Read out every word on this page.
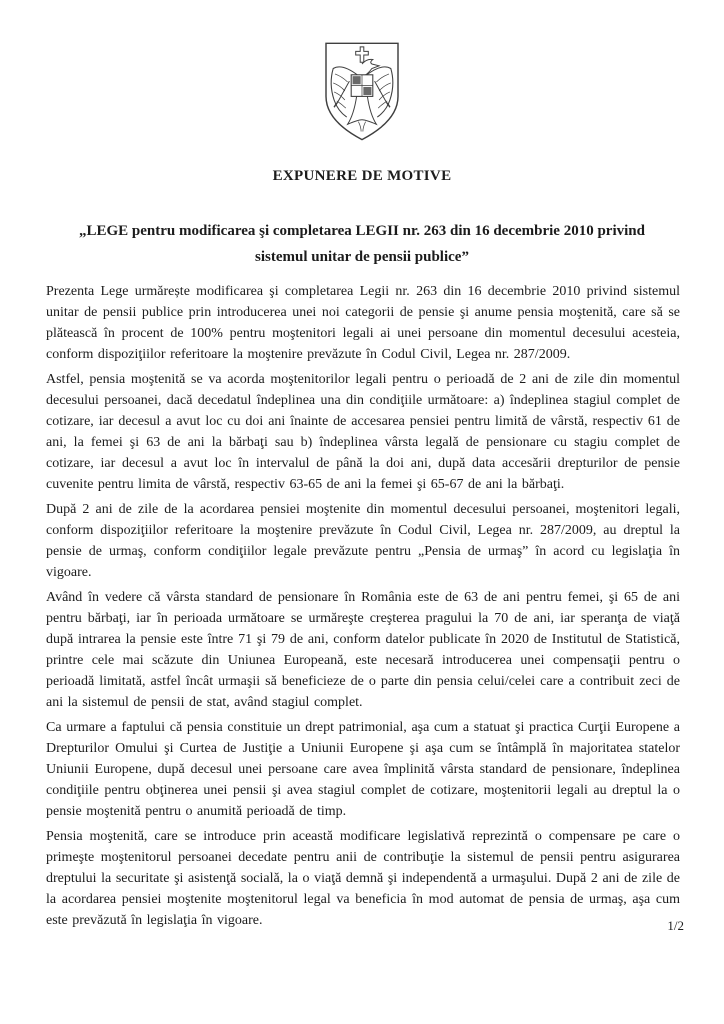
EXPUNERE DE MOTIVE
„LEGE pentru modificarea şi completarea LEGII nr. 263 din 16 decembrie 2010 privind sistemul unitar de pensii publice”

Prezenta Lege urmărește modificarea şi completarea Legii nr. 263 din 16 decembrie 2010 privind sistemul unitar de pensii publice prin introducerea unei noi categorii de pensie şi anume pensia moştenită, care să se plătească în procent de 100% pentru moştenitori legali ai unei persoane din momentul decesului acesteia, conform dispoziţiilor referitoare la moştenire prevăzute în Codul Civil, Legea nr. 287/2009.

Astfel, pensia moştenită se va acorda moştenitorilor legali pentru o perioadă de 2 ani de zile din momentul decesului persoanei, dacă decedatul îndeplinea una din condiţiile următoare: a) îndeplinea stagiul complet de cotizare, iar decesul a avut loc cu doi ani înainte de accesarea pensiei pentru limită de vârstă, respectiv 61 de ani, la femei şi 63 de ani la bărbaţi sau b) îndeplinea vârsta legală de pensionare cu stagiu complet de cotizare, iar decesul a avut loc în intervalul de până la doi ani, după data accesării drepturilor de pensie cuvenite pentru limita de vârstă, respectiv 63-65 de ani la femei şi 65-67 de ani la bărbaţi.

După 2 ani de zile de la acordarea pensiei moştenite din momentul decesului persoanei, moştenitori legali, conform dispoziţiilor referitoare la moştenire prevăzute în Codul Civil, Legea nr. 287/2009, au dreptul la pensie de urmaş, conform condiţiilor legale prevăzute pentru „Pensia de urmaş” în acord cu legislaţia în vigoare.

Având în vedere că vârsta standard de pensionare în România este de 63 de ani pentru femei, şi 65 de ani pentru bărbaţi, iar în perioada următoare se urmăreşte creşterea pragului la 70 de ani, iar speranţa de viaţă după intrarea la pensie este între 71 şi 79 de ani, conform datelor publicate în 2020 de Institutul de Statistică, printre cele mai scăzute din Uniunea Europeană, este necesară introducerea unei compensaţii pentru o perioadă limitată, astfel încât urmaşii să beneficieze de o parte din pensia celui/celei care a contribuit zeci de ani la sistemul de pensii de stat, având stagiul complet.

Ca urmare a faptului că pensia constituie un drept patrimonial, aşa cum a statuat şi practica Curţii Europene a Drepturilor Omului şi Curtea de Justiţie a Uniunii Europene şi aşa cum se întâmplă în majoritatea statelor Uniunii Europene, după decesul unei persoane care avea împlinită vârsta standard de pensionare, îndeplinea condiţiile pentru obţinerea unei pensii şi avea stagiul complet de cotizare, moştenitorii legali au dreptul la o pensie moştenită pentru o anumită perioadă de timp.

Pensia moştenită, care se introduce prin această modificare legislativă reprezintă o compensare pe care o primeşte moştenitorul persoanei decedate pentru anii de contribuţie la sistemul de pensii pentru asigurarea dreptului la securitate şi asistenţă socială, la o viaţă demnă şi independentă a urmaşului. După 2 ani de zile de la acordarea pensiei moştenite moştenitorul legal va beneficia în mod automat de pensia de urmaş, aşa cum este prevăzută în legislaţia în vigoare.	1/2
